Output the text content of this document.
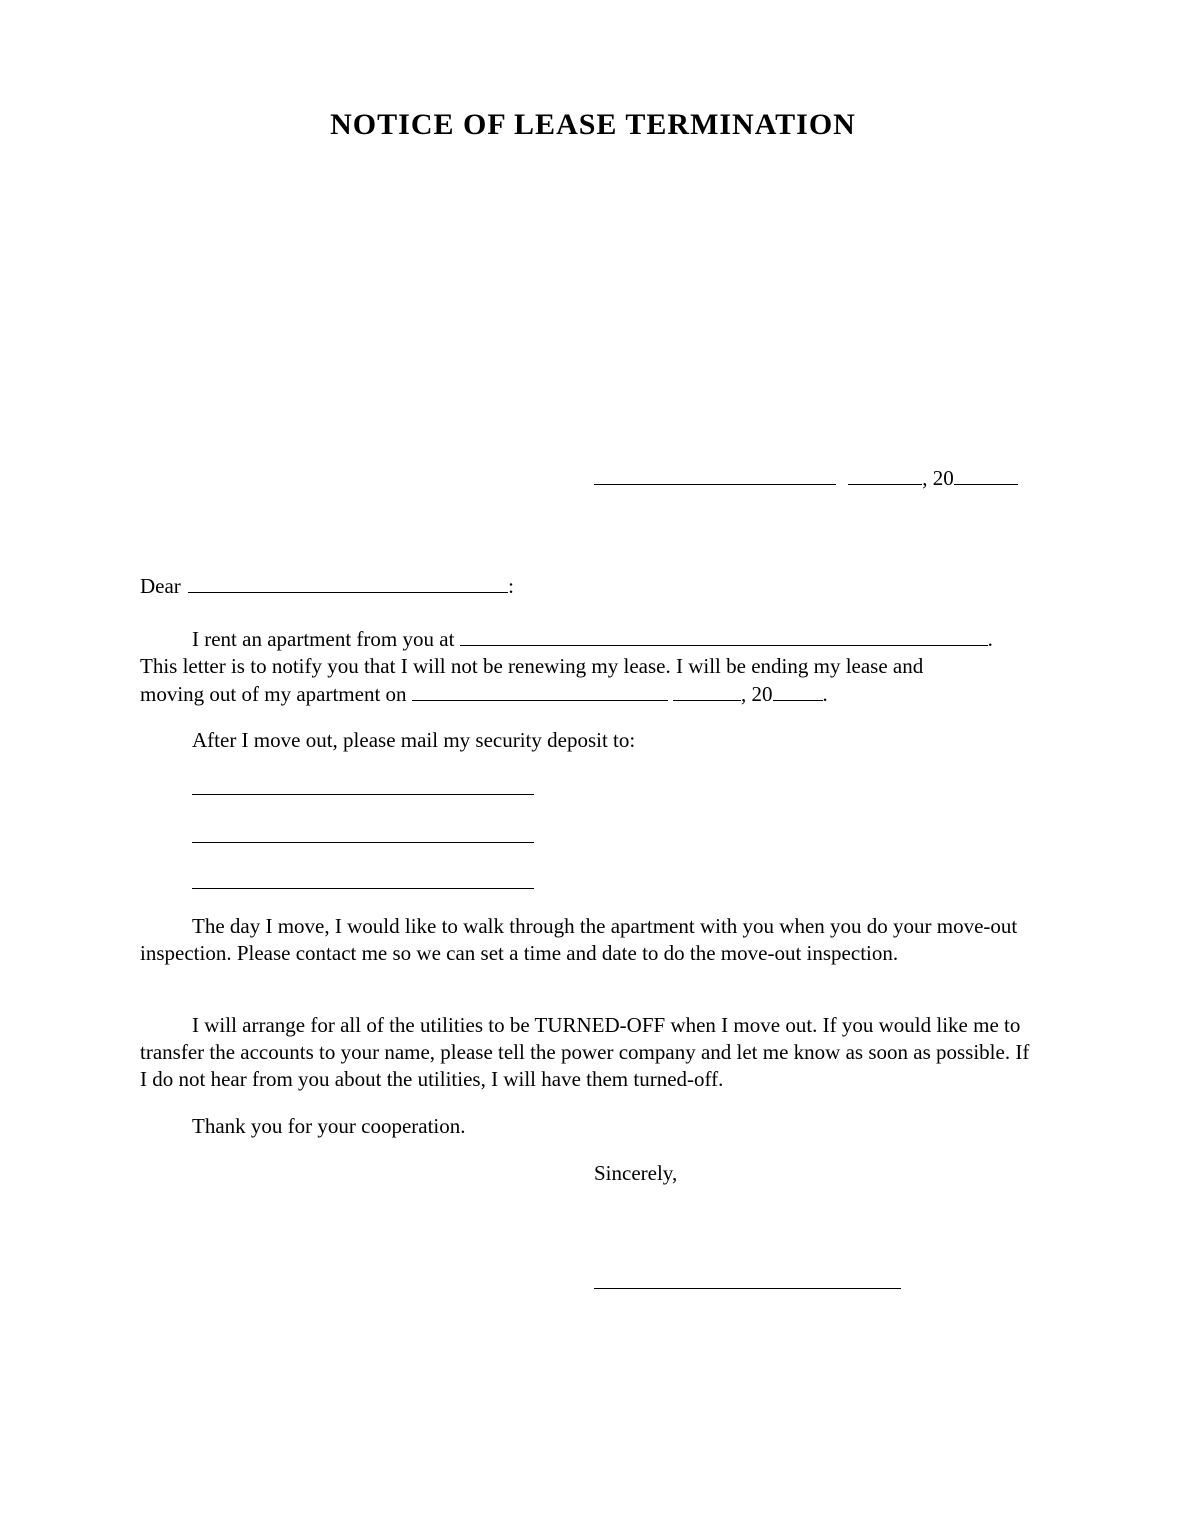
NOTICE OF LEASE TERMINATION
, 20
Dear	:
I rent an apartment from you at	.
This letter is to notify you that I will not be renewing my lease. I will be ending my lease and
moving out of my apartment on	, 20 .
After I move out, please mail my security deposit to:
The day I move, I would like to walk through the apartment with you when you do your move-out inspection. Please contact me so we can set a time and date to do the move-out inspection.
I will arrange for all of the utilities to be TURNED-OFF when I move out. If you would like me to transfer the accounts to your name, please tell the power company and let me know as soon as possible. If I do not hear from you about the utilities, I will have them turned-off.
Thank you for your cooperation.
Sincerely,
